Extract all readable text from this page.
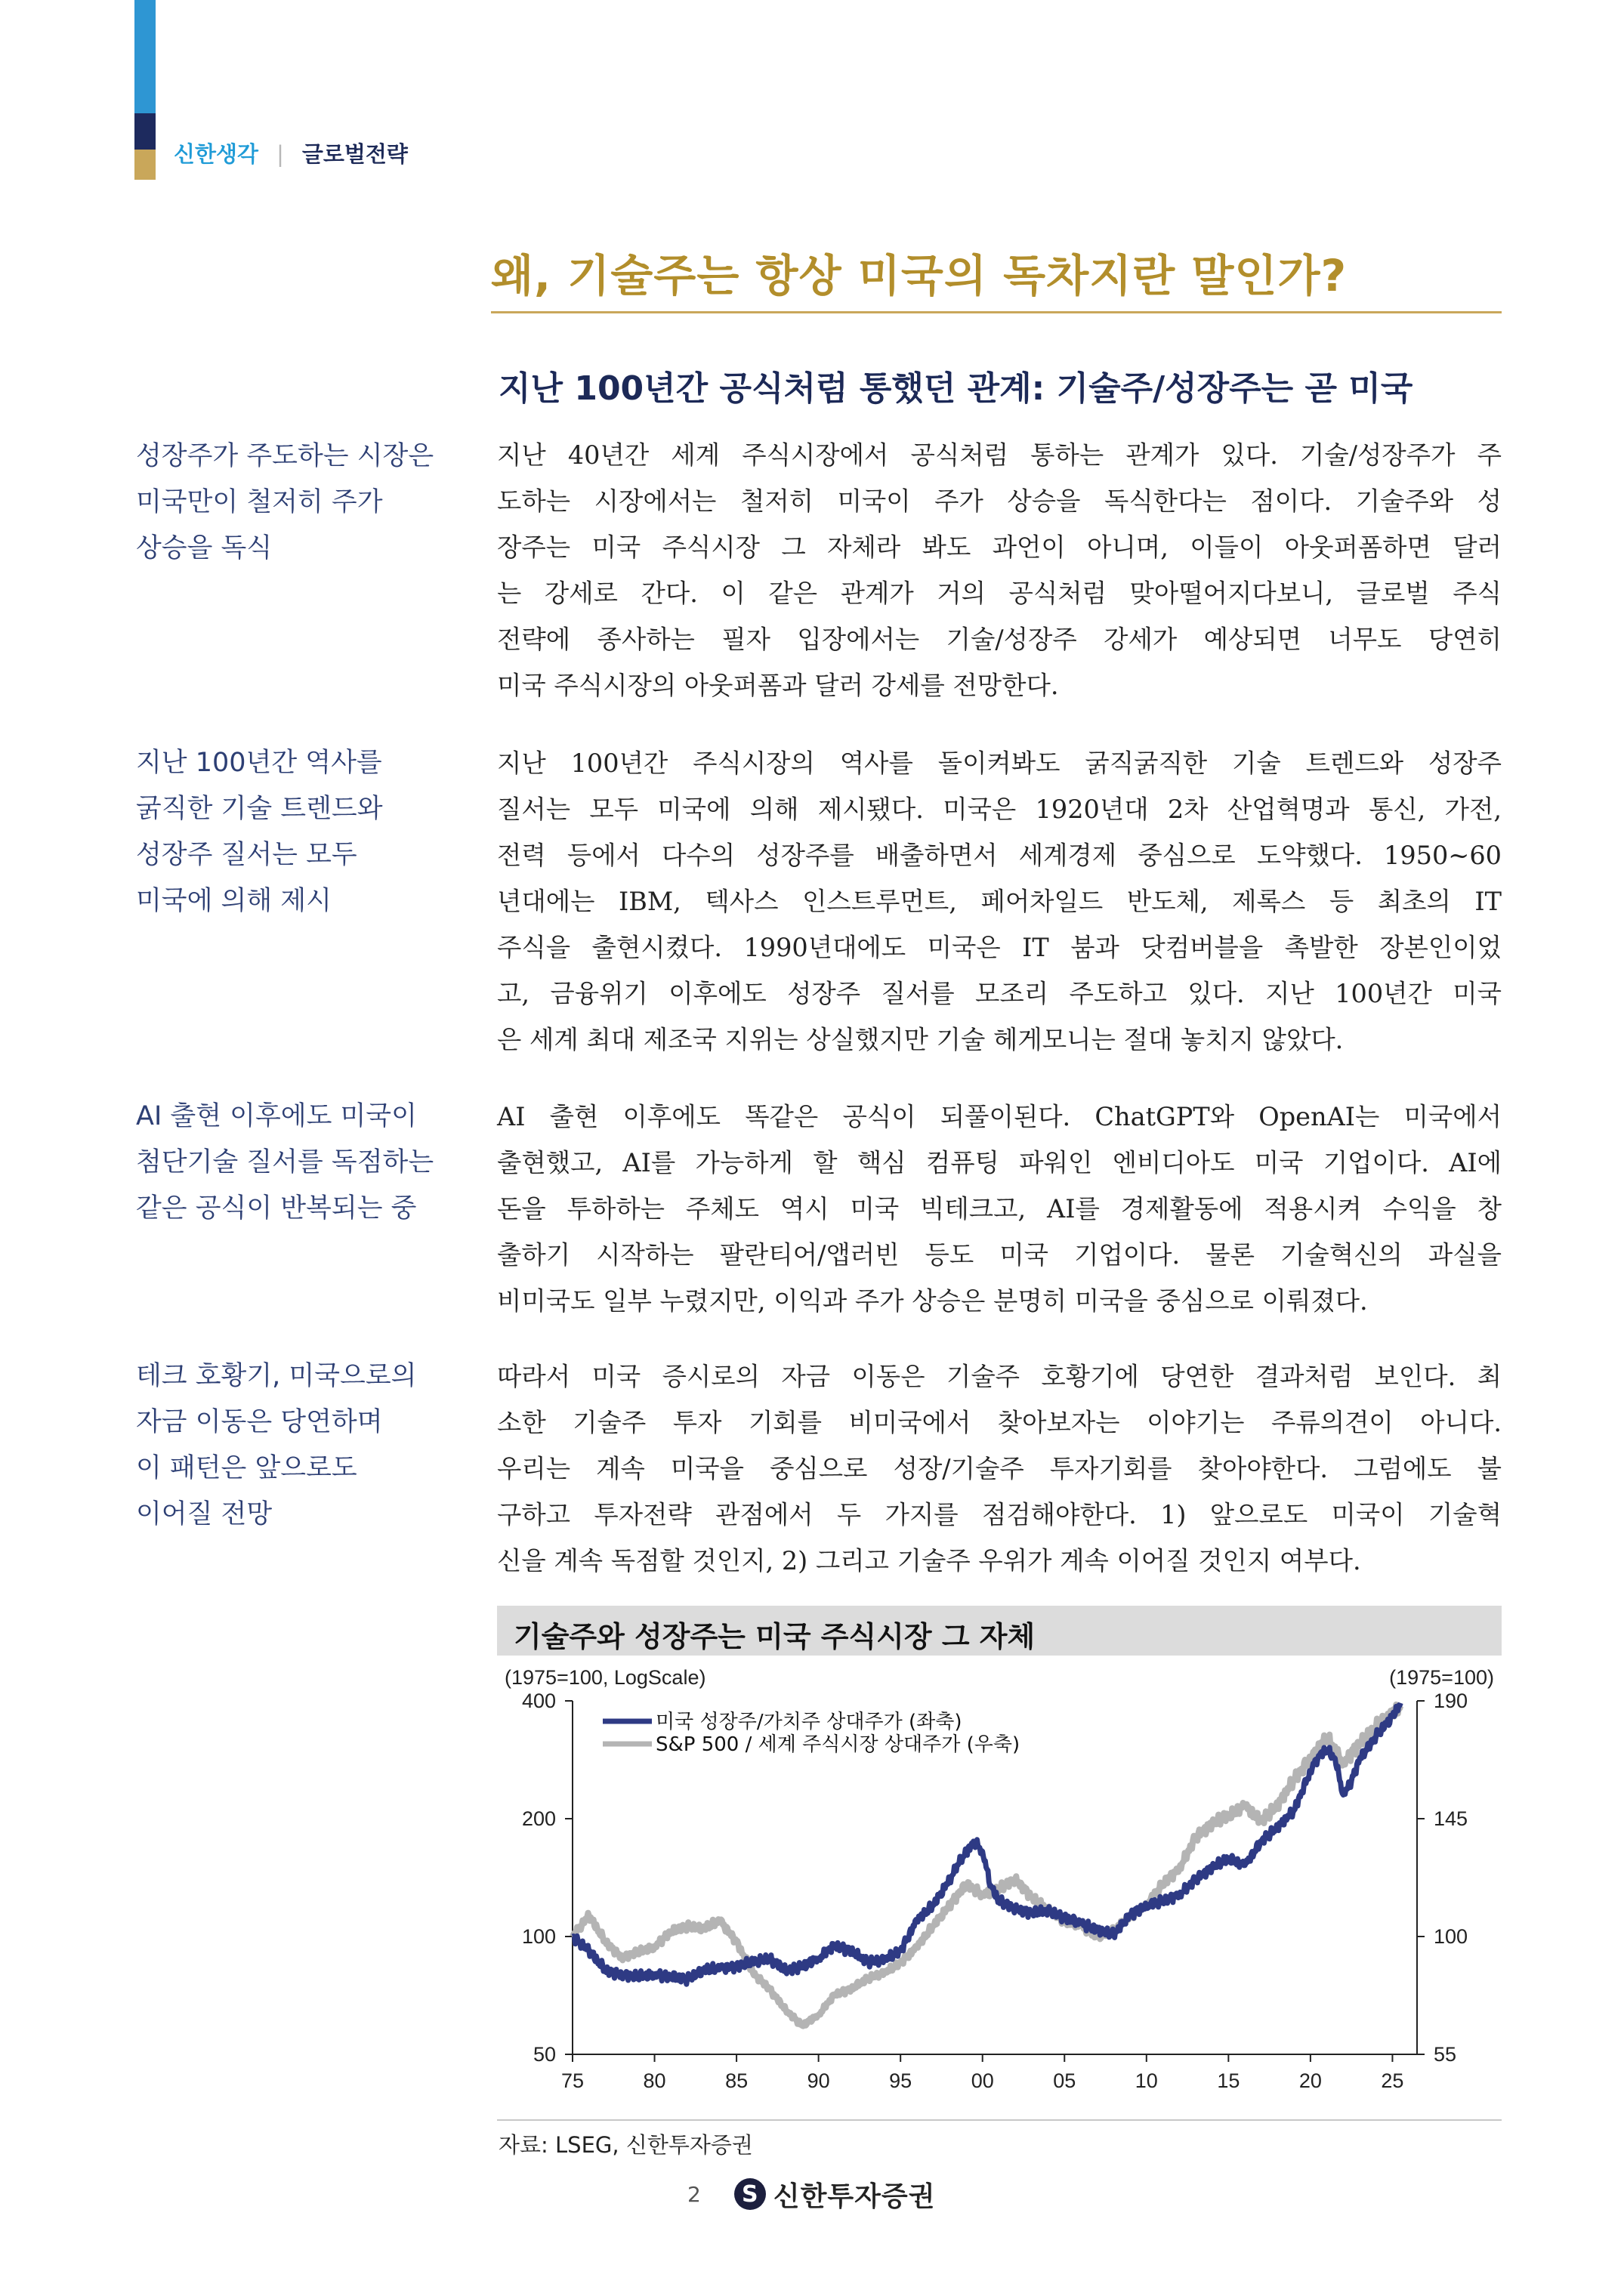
신한생각 | 글로벌전략
왜, 기술주는 항상 미국의 독차지란 말인가?
지난 100년간 공식처럼 통했던 관계: 기술주/성장주는 곧 미국
성장주가 주도하는 시장은
미국만이 철저히 주가
상승을 독식
지난 40년간 세계 주식시장에서 공식처럼 통하는 관계가 있다. 기술/성장주가 주
도하는 시장에서는 철저히 미국이 주가 상승을 독식한다는 점이다. 기술주와 성
장주는 미국 주식시장 그 자체라 봐도 과언이 아니며, 이들이 아웃퍼폼하면 달러
는 강세로 간다. 이 같은 관계가 거의 공식처럼 맞아떨어지다보니, 글로벌 주식
전략에 종사하는 필자 입장에서는 기술/성장주 강세가 예상되면 너무도 당연히
미국 주식시장의 아웃퍼폼과 달러 강세를 전망한다.
지난 100년간 역사를
굵직한 기술 트렌드와
성장주 질서는 모두
미국에 의해 제시
지난 100년간 주식시장의 역사를 돌이켜봐도 굵직굵직한 기술 트렌드와 성장주
질서는 모두 미국에 의해 제시됐다. 미국은 1920년대 2차 산업혁명과 통신, 가전,
전력 등에서 다수의 성장주를 배출하면서 세계경제 중심으로 도약했다. 1950~60
년대에는 IBM, 텍사스 인스트루먼트, 페어차일드 반도체, 제록스 등 최초의 IT
주식을 출현시켰다. 1990년대에도 미국은 IT 붐과 닷컴버블을 촉발한 장본인이었
고, 금융위기 이후에도 성장주 질서를 모조리 주도하고 있다. 지난 100년간 미국
은 세계 최대 제조국 지위는 상실했지만 기술 헤게모니는 절대 놓치지 않았다.
AI 출현 이후에도 미국이
첨단기술 질서를 독점하는
같은 공식이 반복되는 중
AI 출현 이후에도 똑같은 공식이 되풀이된다. ChatGPT와 OpenAI는 미국에서
출현했고, AI를 가능하게 할 핵심 컴퓨팅 파워인 엔비디아도 미국 기업이다. AI에
돈을 투하하는 주체도 역시 미국 빅테크고, AI를 경제활동에 적용시켜 수익을 창
출하기 시작하는 팔란티어/앱러빈 등도 미국 기업이다. 물론 기술혁신의 과실을
비미국도 일부 누렸지만, 이익과 주가 상승은 분명히 미국을 중심으로 이뤄졌다.
테크 호황기, 미국으로의
자금 이동은 당연하며
이 패턴은 앞으로도
이어질 전망
따라서 미국 증시로의 자금 이동은 기술주 호황기에 당연한 결과처럼 보인다. 최
소한 기술주 투자 기회를 비미국에서 찾아보자는 이야기는 주류의견이 아니다.
우리는 계속 미국을 중심으로 성장/기술주 투자기회를 찾아야한다. 그럼에도 불
구하고 투자전략 관점에서 두 가지를 점검해야한다. 1) 앞으로도 미국이 기술혁
신을 계속 독점할 것인지, 2) 그리고 기술주 우위가 계속 이어질 것인지 여부다.
기술주와 성장주는 미국 주식시장 그 자체
(1975=100, LogScale)	(1975=100)
400
200
100
50
190
145
100
55
75	80	85	90	95	00	05	10	15	20	25
미국 성장주/가치주 상대주가 (좌축)
S&P 500 / 세계 주식시장 상대주가 (우축)
자료: LSEG, 신한투자증권
2	S 신한투자증권
